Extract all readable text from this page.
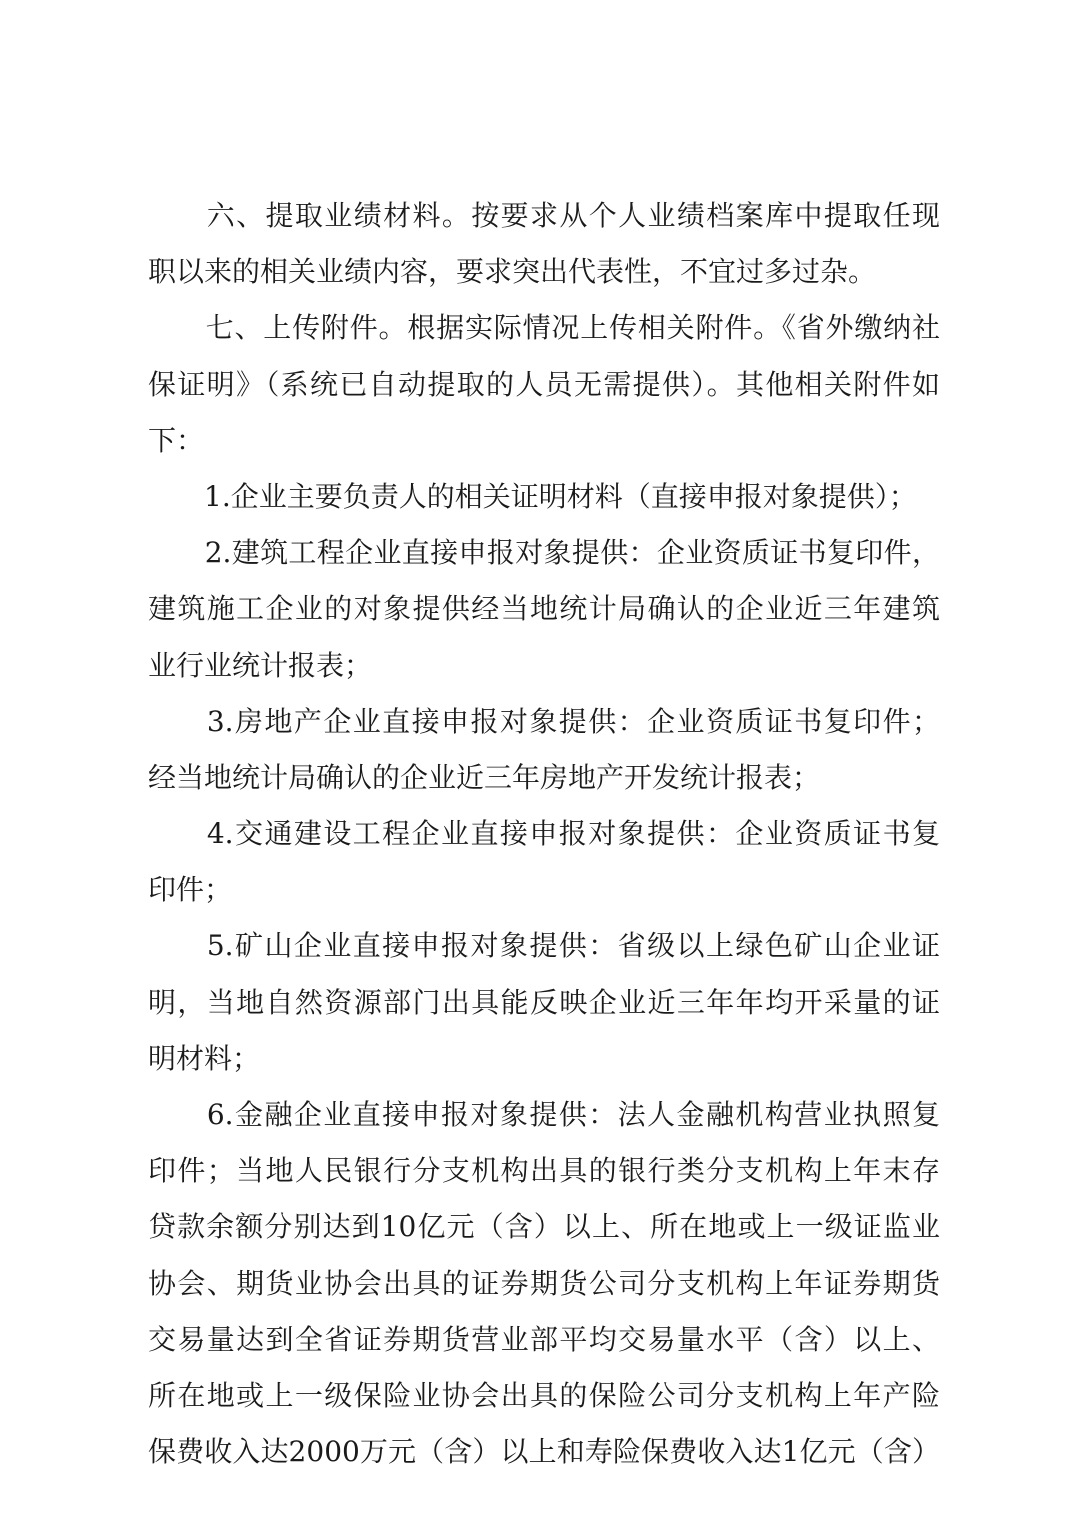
　　六、提取业绩材料。按要求从个人业绩档案库中提取任现
职以来的相关业绩内容，要求突出代表性，不宜过多过杂。
　　七、上传附件。根据实际情况上传相关附件。《省外缴纳社
保证明》（系统已自动提取的人员无需提供）。其他相关附件如
下：
　　1.企业主要负责人的相关证明材料（直接申报对象提供）；
　　2.建筑工程企业直接申报对象提供：企业资质证书复印件，
建筑施工企业的对象提供经当地统计局确认的企业近三年建筑
业行业统计报表；
　　3.房地产企业直接申报对象提供：企业资质证书复印件；
经当地统计局确认的企业近三年房地产开发统计报表；
　　4.交通建设工程企业直接申报对象提供：企业资质证书复
印件；
　　5.矿山企业直接申报对象提供：省级以上绿色矿山企业证
明，当地自然资源部门出具能反映企业近三年年均开采量的证
明材料；
　　6.金融企业直接申报对象提供：法人金融机构营业执照复
印件；当地人民银行分支机构出具的银行类分支机构上年末存
贷款余额分别达到10亿元（含）以上、所在地或上一级证监业
协会、期货业协会出具的证券期货公司分支机构上年证券期货
交易量达到全省证券期货营业部平均交易量水平（含）以上、
所在地或上一级保险业协会出具的保险公司分支机构上年产险
保费收入达2000万元（含）以上和寿险保费收入达1亿元（含）
